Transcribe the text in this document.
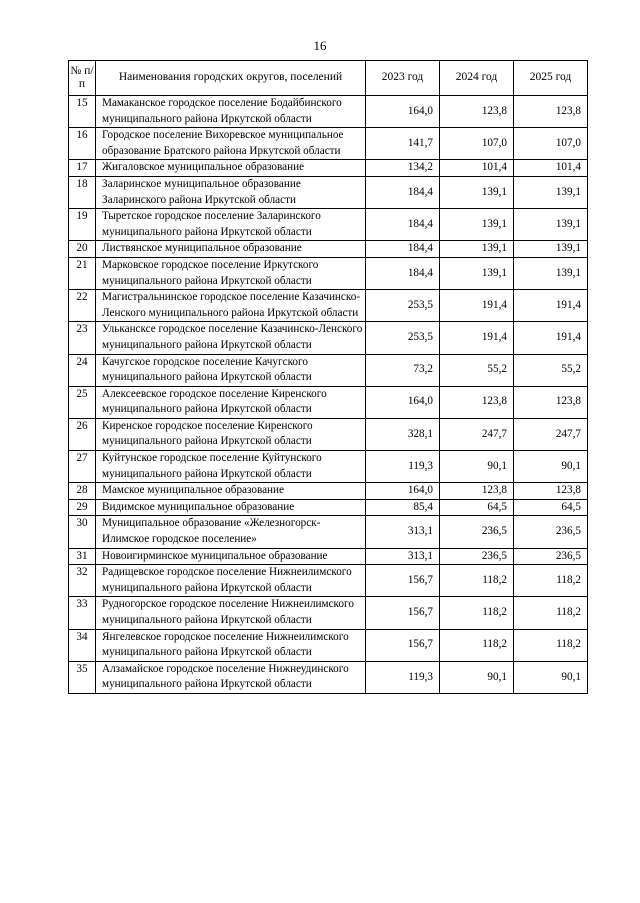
16
№ п/п	Наименования городских округов, поселений	2023 год	2024 год	2025 год
15	Мамаканское городское поселение Бодайбинского муниципального района Иркутской области	164,0	123,8	123,8
16	Городское поселение Вихоревское муниципальное образование Братского района Иркутской области	141,7	107,0	107,0
17	Жигаловское муниципальное образование	134,2	101,4	101,4
18	Заларинское муниципальное образование Заларинского района Иркутской области	184,4	139,1	139,1
19	Тыретское городское поселение Заларинского муниципального района Иркутской области	184,4	139,1	139,1
20	Листвянское муниципальное образование	184,4	139,1	139,1
21	Марковское городское поселение Иркутского муниципального района Иркутской области	184,4	139,1	139,1
22	Магистральнинское городское поселение Казачинско-Ленского муниципального района Иркутской области	253,5	191,4	191,4
23	Улькансксе городское поселение Казачинско-Ленского муниципального района Иркутской области	253,5	191,4	191,4
24	Качугское городское поселение Качугского муниципального района Иркутской области	73,2	55,2	55,2
25	Алексеевское городское поселение Киренского муниципального района Иркутской области	164,0	123,8	123,8
26	Киренское городское поселение Киренского муниципального района Иркутской области	328,1	247,7	247,7
27	Куйтунское городское поселение Куйтунского муниципального района Иркутской области	119,3	90,1	90,1
28	Мамское муниципальное образование	164,0	123,8	123,8
29	Видимское муниципальное образование	85,4	64,5	64,5
30	Муниципальное образование «Железногорск-Илимское городское поселение»	313,1	236,5	236,5
31	Новоигирминское муниципальное образование	313,1	236,5	236,5
32	Радищевское городское поселение Нижнеилимского муниципального района Иркутской области	156,7	118,2	118,2
33	Рудногорское городское поселение Нижнеилимского муниципального района Иркутской области	156,7	118,2	118,2
34	Янгелевское городское поселение Нижнеилимского муниципального района Иркутской области	156,7	118,2	118,2
35	Алзамайское городское поселение Нижнеудинского муниципального района Иркутской области	119,3	90,1	90,1
